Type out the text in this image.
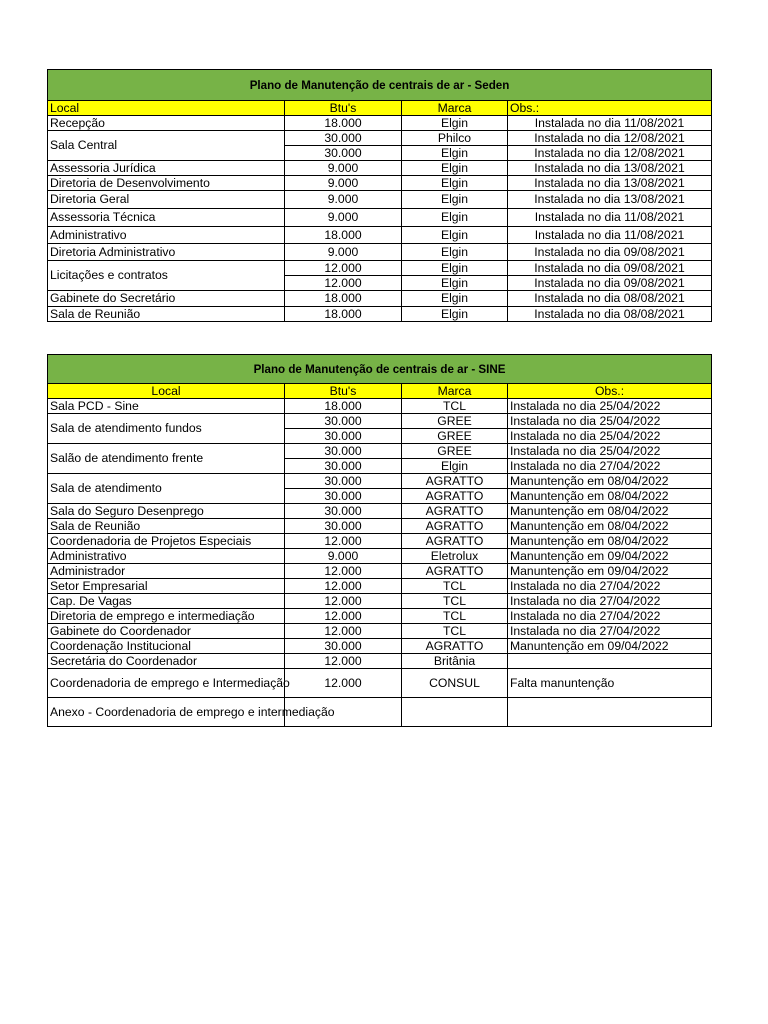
Plano de Manutenção de centrais de ar - Seden			
Local	Btu's	Marca	Obs.:
Recepção	18.000	Elgin	Instalada no dia 11/08/2021
Sala Central	30.000	Philco	Instalada no dia 12/08/2021
	30.000	Elgin	Instalada no dia 12/08/2021
Assessoria Jurídica	9.000	Elgin	Instalada no dia 13/08/2021
Diretoria de Desenvolvimento	9.000	Elgin	Instalada no dia 13/08/2021
Diretoria Geral	9.000	Elgin	Instalada no dia 13/08/2021
Assessoria Técnica	9.000	Elgin	Instalada no dia 11/08/2021
Administrativo	18.000	Elgin	Instalada no dia 11/08/2021
Diretoria Administrativo	9.000	Elgin	Instalada no dia 09/08/2021
Licitações e contratos	12.000	Elgin	Instalada no dia 09/08/2021
	12.000	Elgin	Instalada no dia 09/08/2021
Gabinete do Secretário	18.000	Elgin	Instalada no dia 08/08/2021
Sala de Reunião	18.000	Elgin	Instalada no dia 08/08/2021
Plano de Manutenção de centrais de ar - SINE			
Local	Btu's	Marca	Obs.:
Sala PCD - Sine	18.000	TCL	Instalada no dia 25/04/2022
Sala de atendimento fundos	30.000	GREE	Instalada no dia 25/04/2022
	30.000	GREE	Instalada no dia 25/04/2022
Salão de atendimento frente	30.000	GREE	Instalada no dia 25/04/2022
	30.000	Elgin	Instalada no dia 27/04/2022
Sala de atendimento	30.000	AGRATTO	Manuntenção em 08/04/2022
	30.000	AGRATTO	Manuntenção em 08/04/2022
Sala do Seguro Desenprego	30.000	AGRATTO	Manuntenção em 08/04/2022
Sala de Reunião	30.000	AGRATTO	Manuntenção em 08/04/2022
Coordenadoria de Projetos Especiais	12.000	AGRATTO	Manuntenção em 08/04/2022
Administrativo	9.000	Eletrolux	Manuntenção em 09/04/2022
Administrador	12.000	AGRATTO	Manuntenção em 09/04/2022
Setor Empresarial	12.000	TCL	Instalada no dia 27/04/2022
Cap. De Vagas	12.000	TCL	Instalada no dia 27/04/2022
Diretoria de emprego e intermediação	12.000	TCL	Instalada no dia 27/04/2022
Gabinete do Coordenador	12.000	TCL	Instalada no dia 27/04/2022
Coordenação Institucional	30.000	AGRATTO	Manuntenção em 09/04/2022
Secretária do Coordenador	12.000	Britânia	
Coordenadoria de emprego e Intermediação	12.000	CONSUL	Falta manuntenção
Anexo - Coordenadoria de emprego e intermediação			
